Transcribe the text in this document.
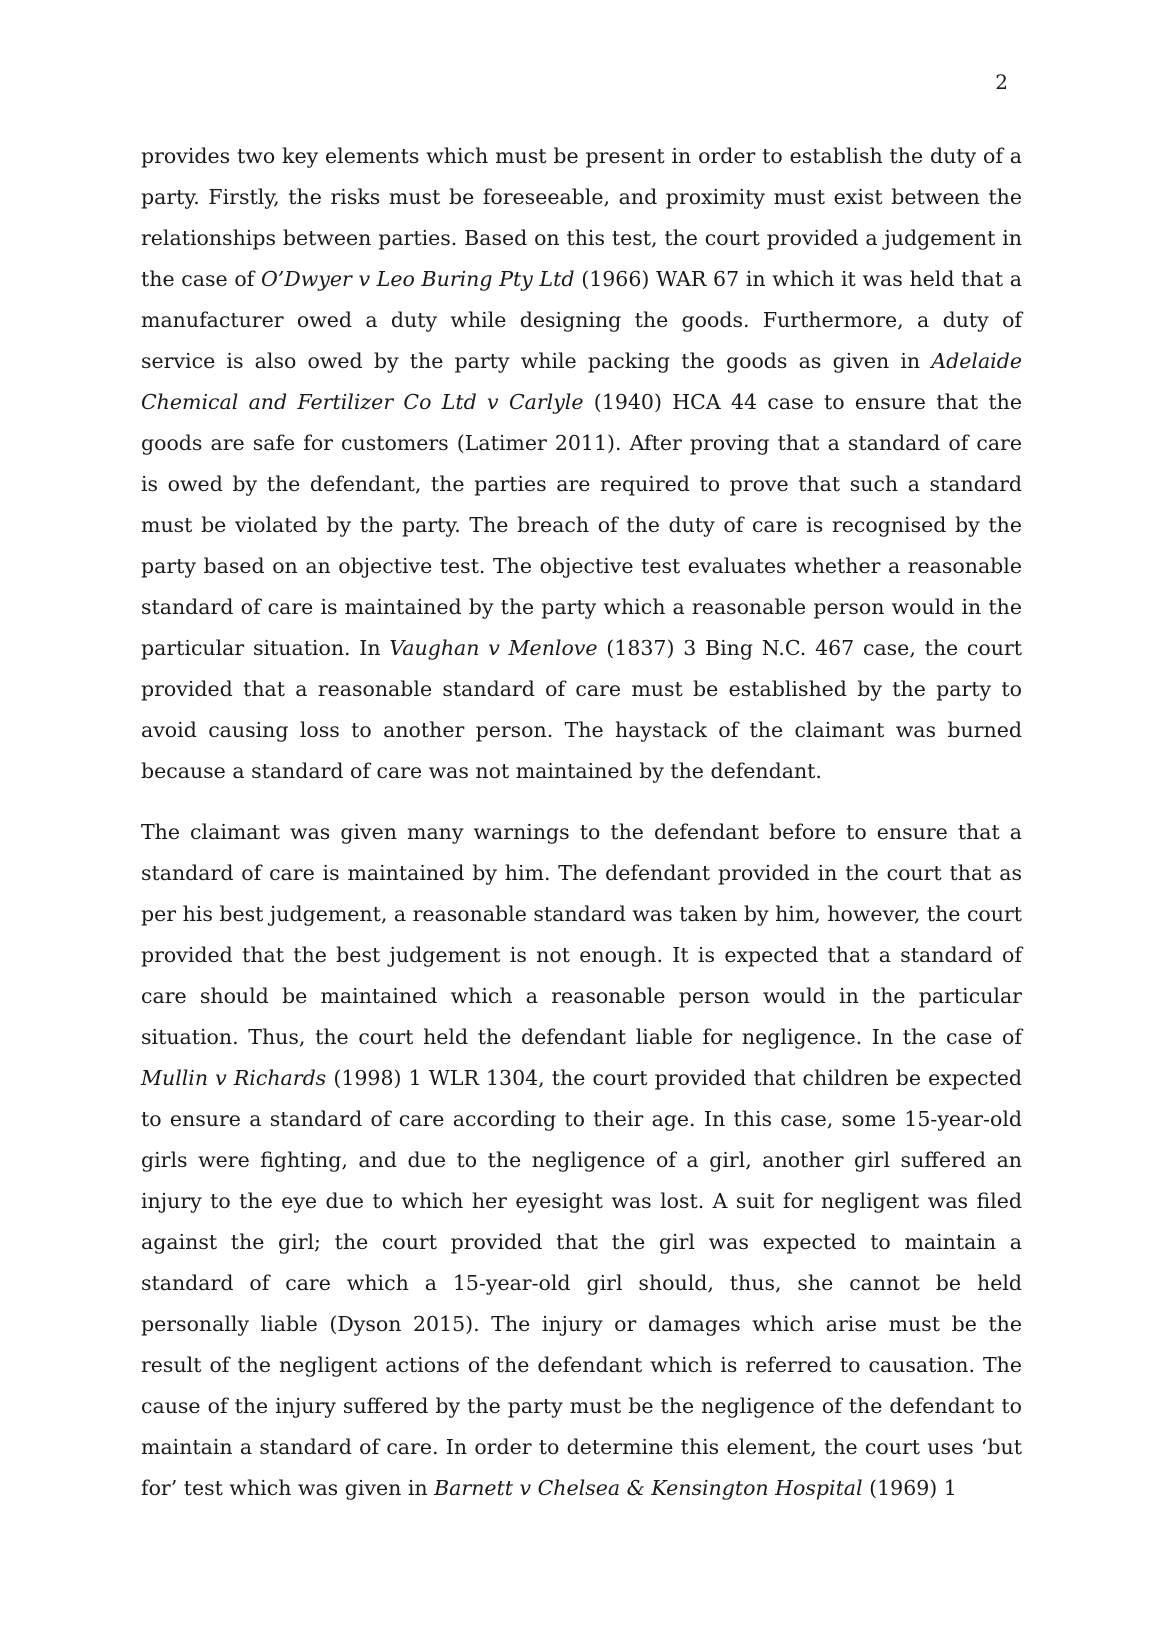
2

provides two key elements which must be present in order to establish the duty of a party. Firstly, the risks must be foreseeable, and proximity must exist between the relationships between parties. Based on this test, the court provided a judgement in the case of O’Dwyer v Leo Buring Pty Ltd (1966) WAR 67 in which it was held that a manufacturer owed a duty while designing the goods. Furthermore, a duty of service is also owed by the party while packing the goods as given in Adelaide Chemical and Fertilizer Co Ltd v Carlyle (1940) HCA 44 case to ensure that the goods are safe for customers (Latimer 2011). After proving that a standard of care is owed by the defendant, the parties are required to prove that such a standard must be violated by the party. The breach of the duty of care is recognised by the party based on an objective test. The objective test evaluates whether a reasonable standard of care is maintained by the party which a reasonable person would in the particular situation. In Vaughan v Menlove (1837) 3 Bing N.C. 467 case, the court provided that a reasonable standard of care must be established by the party to avoid causing loss to another person. The haystack of the claimant was burned because a standard of care was not maintained by the defendant.

The claimant was given many warnings to the defendant before to ensure that a standard of care is maintained by him. The defendant provided in the court that as per his best judgement, a reasonable standard was taken by him, however, the court provided that the best judgement is not enough. It is expected that a standard of care should be maintained which a reasonable person would in the particular situation. Thus, the court held the defendant liable for negligence. In the case of Mullin v Richards (1998) 1 WLR 1304, the court provided that children be expected to ensure a standard of care according to their age. In this case, some 15-year-old girls were fighting, and due to the negligence of a girl, another girl suffered an injury to the eye due to which her eyesight was lost. A suit for negligent was filed against the girl; the court provided that the girl was expected to maintain a standard of care which a 15-year-old girl should, thus, she cannot be held personally liable (Dyson 2015). The injury or damages which arise must be the result of the negligent actions of the defendant which is referred to causation. The cause of the injury suffered by the party must be the negligence of the defendant to maintain a standard of care. In order to determine this element, the court uses ‘but for’ test which was given in Barnett v Chelsea & Kensington Hospital (1969) 1
